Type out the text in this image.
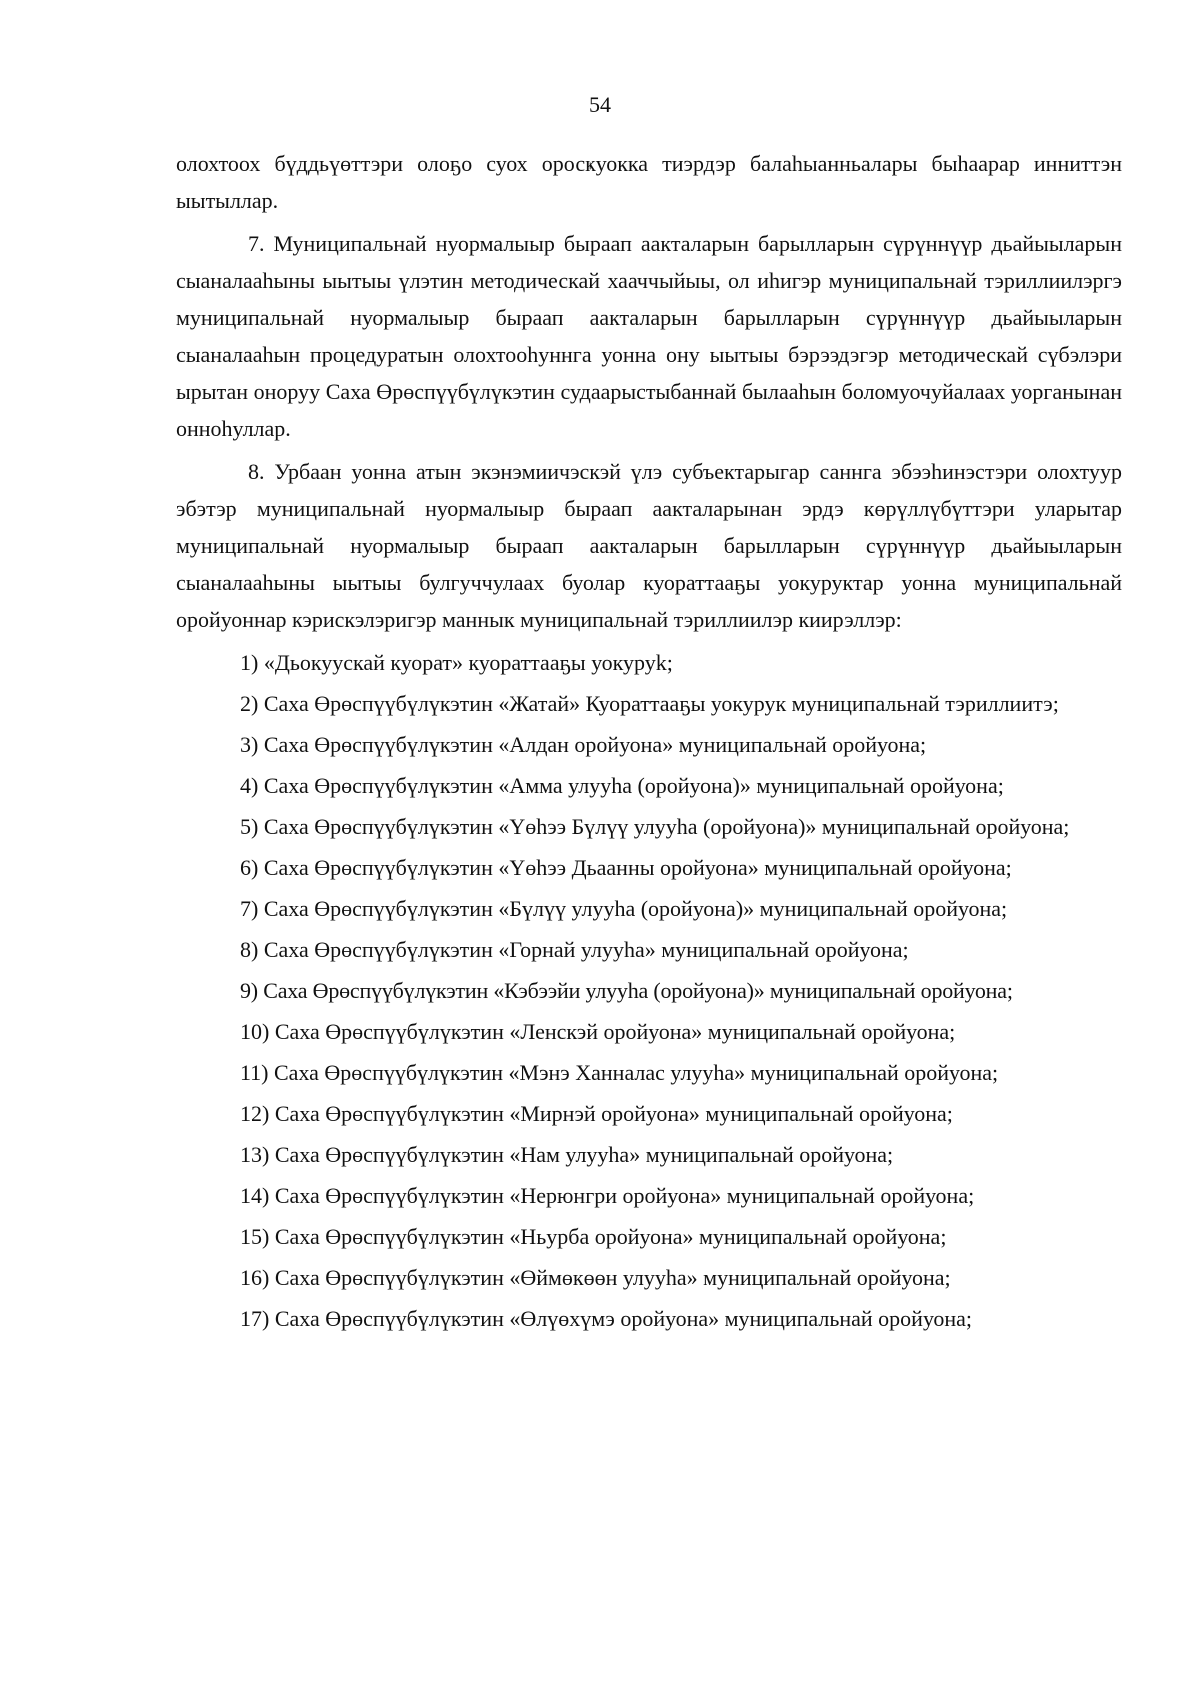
54

олохтоох бүддьүөттэри олоҕо суох оросҝуокка тиэрдэр балаһыанньалары быһаарар инниттэн ыытыллар.

7. Муниципальнай нуормалыыр быраап аакталарын барылларын сүрүннүүр дьайыыларын сыаналааһыны ыытыы үлэтин методическай хааччыйыы, ол иһигэр муниципальнай тэриллиилэргэ муниципальнай нуормалыыр быраап аакталарын барылларын сүрүннүүр дьайыыларын сыаналааһын процедуратын олохтооһуннга уонна ону ыытыы бэрээдэгэр методическай сүбэлэри ырытан оноруу Саха Өрөспүүбүлүкэтин судаарыстыбаннай былааһын боломуочуйалаах уорганынан онноһуллар.

8. Урбаан уонна атын экэнэмиичэскэй үлэ субъектарыгар саннга эбээһинэстэри олохтуур эбэтэр муниципальнай нуормалыыр быраап аакталарынан эрдэ көрүллүбүттэри уларытар муниципальнай нуормалыыр быраап аакталарын барылларын сүрүннүүр дьайыыларын сыаналааһыны ыытыы булгуччулаах буолар куораттааҕы уокуруктар уонна муниципальнай оройуоннар кэрискэлэригэр маннык муниципальнай тэриллиилэр киирэллэр:

1) «Дьокуускай куорат» куораттааҕы уокуруk;
2) Саха Өрөспүүбүлүкэтин «Жатай» Куораттааҕы уокурук муниципальнай тэриллиитэ;
3) Саха Өрөспүүбүлүкэтин «Алдан оройуона» муниципальнай оройуона;
4) Саха Өрөспүүбүлүкэтин «Амма улууһа (оройуона)» муниципальнай оройуона;
5) Саха Өрөспүүбүлүкэтин «Үөһээ Бүлүү улууһа (оройуона)» муниципальнай оройуона;
6) Саха Өрөспүүбүлүкэтин «Үөһээ Дьаанны оройуона» муниципальнай оройуона;
7) Саха Өрөспүүбүлүкэтин «Бүлүү улууһа (оройуона)» муниципальнай оройуона;
8) Саха Өрөспүүбүлүкэтин «Горнай улууһа» муниципальнай оройуона;
9) Саха Өрөспүүбүлүкэтин «Кэбээйи улууһа (оройуона)» муниципальнай оройуона;
10) Саха Өрөспүүбүлүкэтин «Ленскэй оройуона» муниципальнай оройуона;
11) Саха Өрөспүүбүлүкэтин «Мэнэ Ханналас улууһа» муниципальнай оройуона;
12) Саха Өрөспүүбүлүкэтин «Мирнэй оройуона» муниципальнай оройуона;
13) Саха Өрөспүүбүлүкэтин «Нам улууһа» муниципальнай оройуона;
14) Саха Өрөспүүбүлүкэтин «Нерюнгри оройуона» муниципальнай оройуона;
15) Саха Өрөспүүбүлүкэтин «Ньурба оройуона» муниципальнай оройуона;
16) Саха Өрөспүүбүлүкэтин «Өймөкөөн улууһа» муниципальнай оройуона;
17) Саха Өрөспүүбүлүкэтин «Өлүөхүмэ оройуона» муниципальнай оройуона;
